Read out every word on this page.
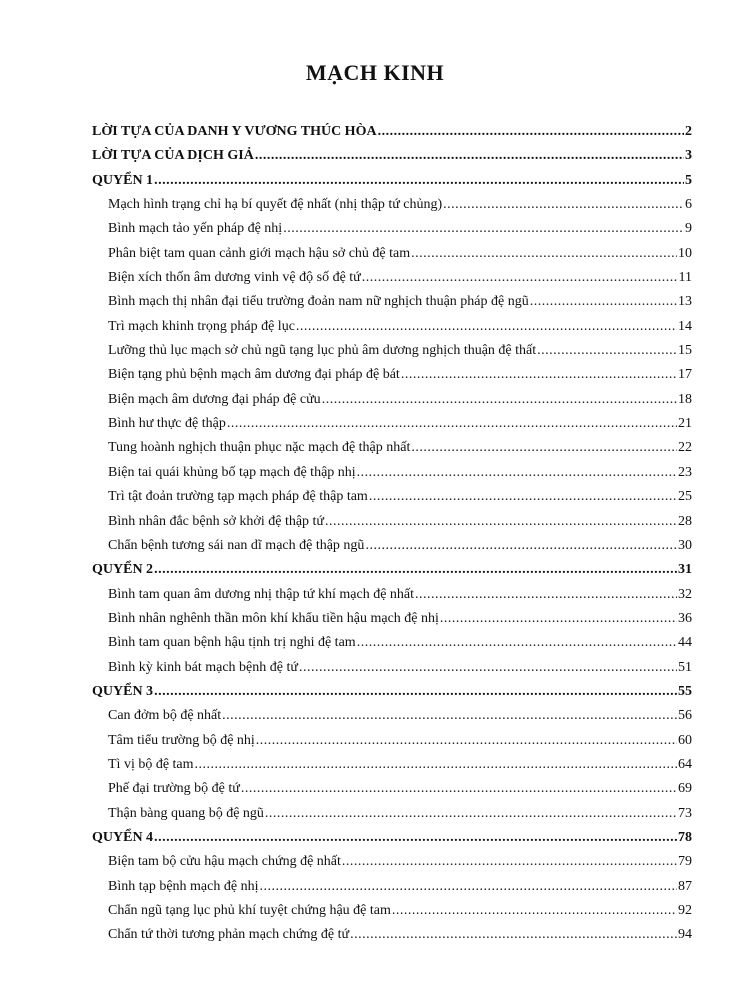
MẠCH KINH
LỜI TỰA CỦA DANH Y VƯƠNG THÚC HÒA .....	2
LỜI TỰA CỦA DỊCH GIẢ .....	3
QUYỂN 1 .....	5
Mạch hình trạng chỉ hạ bí quyết đệ nhất (nhị thập tứ chủng) .....	6
Bình mạch tảo yến pháp đệ nhị .....	9
Phân biệt tam quan cảnh giới mạch hậu sở chủ đệ tam .....	10
Biện xích thốn âm dương vinh vệ độ số đệ tứ .....	11
Bình mạch thị nhân đại tiểu trường đoản nam nữ nghịch thuận pháp đệ ngũ .....	13
Trì mạch khinh trọng pháp đệ lục .....	14
Lưỡng thủ lục mạch sở chủ ngũ tạng lục phủ âm dương nghịch thuận đệ thất .....	15
Biện tạng phủ bệnh mạch âm dương đại pháp đệ bát .....	17
Biện mạch âm dương đại pháp đệ cửu .....	18
Bình hư thực đệ thập .....	21
Tung hoành nghịch thuận phục nặc mạch đệ thập nhất .....	22
Biện tai quái khủng bố tạp mạch đệ thập nhị .....	23
Trì tật đoản trường tạp mạch pháp đệ thập tam .....	25
Bình nhân đắc bệnh sở khởi đệ thập tứ .....	28
Chẩn bệnh tương sái nan dĩ mạch đệ thập ngũ .....	30
QUYỂN 2 .....	31
Bình tam quan âm dương nhị thập tứ khí mạch đệ nhất .....	32
Bình nhân nghênh thần môn khí khẩu tiền hậu mạch đệ nhị .....	36
Bình tam quan bệnh hậu tịnh trị nghi đệ tam .....	44
Bình kỳ kinh bát mạch bệnh đệ tứ .....	51
QUYỂN 3 .....	55
Can đởm bộ đệ nhất .....	56
Tâm tiểu trường bộ đệ nhị .....	60
Tì vị bộ đệ tam .....	64
Phế đại trường bộ đệ tứ .....	69
Thận bàng quang bộ đệ ngũ .....	73
QUYỂN 4 .....	78
Biện tam bộ cửu hậu mạch chứng đệ nhất .....	79
Bình tạp bệnh mạch đệ nhị .....	87
Chẩn ngũ tạng lục phủ khí tuyệt chứng hậu đệ tam .....	92
Chẩn tứ thời tương phản mạch chứng đệ tứ .....	94
